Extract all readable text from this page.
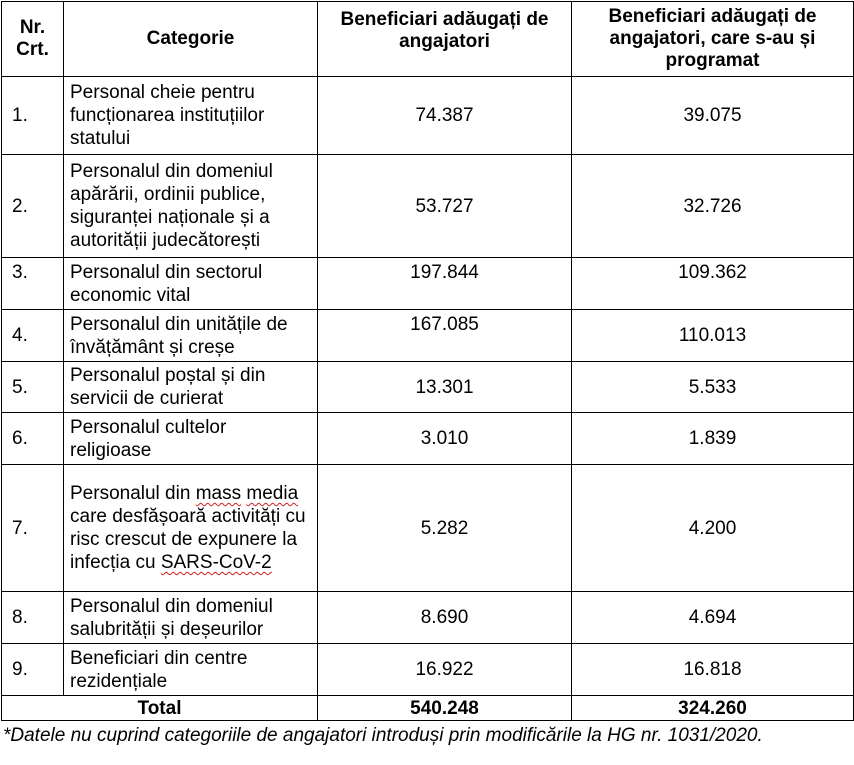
Nr. Crt.	Categorie	Beneficiari adăugați de angajatori	Beneficiari adăugați de angajatori, care s-au și programat
1.	Personal cheie pentru funcționarea instituțiilor statului	74.387	39.075
2.	Personalul din domeniul apărării, ordinii publice, siguranței naționale și a autorității judecătorești	53.727	32.726
3.	Personalul din sectorul economic vital	197.844	109.362
4.	Personalul din unitățile de învățământ și creșe	167.085	110.013
5.	Personalul poștal și din servicii de curierat	13.301	5.533
6.	Personalul cultelor religioase	3.010	1.839
7.	Personalul din mass media care desfășoară activități cu risc crescut de expunere la infecția cu SARS-CoV-2	5.282	4.200
8.	Personalul din domeniul salubrității și deșeurilor	8.690	4.694
9.	Beneficiari din centre rezidențiale	16.922	16.818
Total		540.248	324.260
*Datele nu cuprind categoriile de angajatori introduși prin modificările la HG nr. 1031/2020.
